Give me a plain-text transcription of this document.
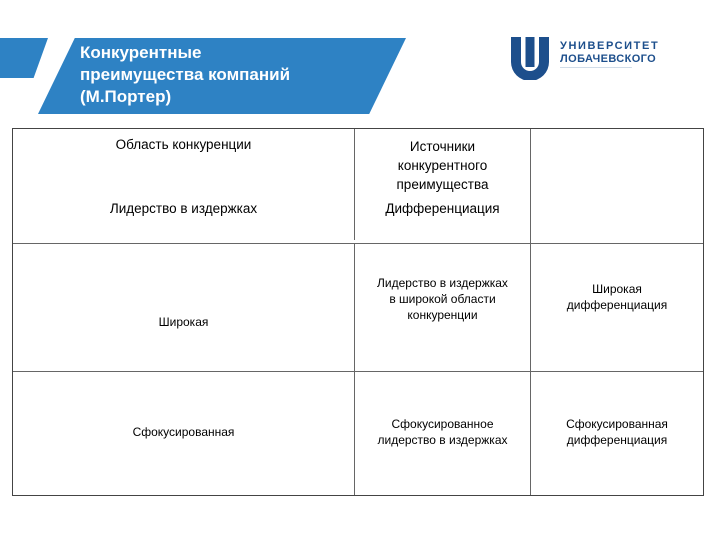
Конкурентные
преимущества компаний
(М.Портер)
УНИВЕРСИТЕТ
ЛОБАЧЕВСКОГО
─────────────────────────────
Область конкуренции	Источники
конкурентного
преимущества
Лидерство в издержках	Дифференциация
Широкая
Лидерство в издержках
в широкой области
конкуренции
Широкая
дифференциация
Сфокусированная
Сфокусированное
лидерство в издержках
Сфокусированная
дифференциация
